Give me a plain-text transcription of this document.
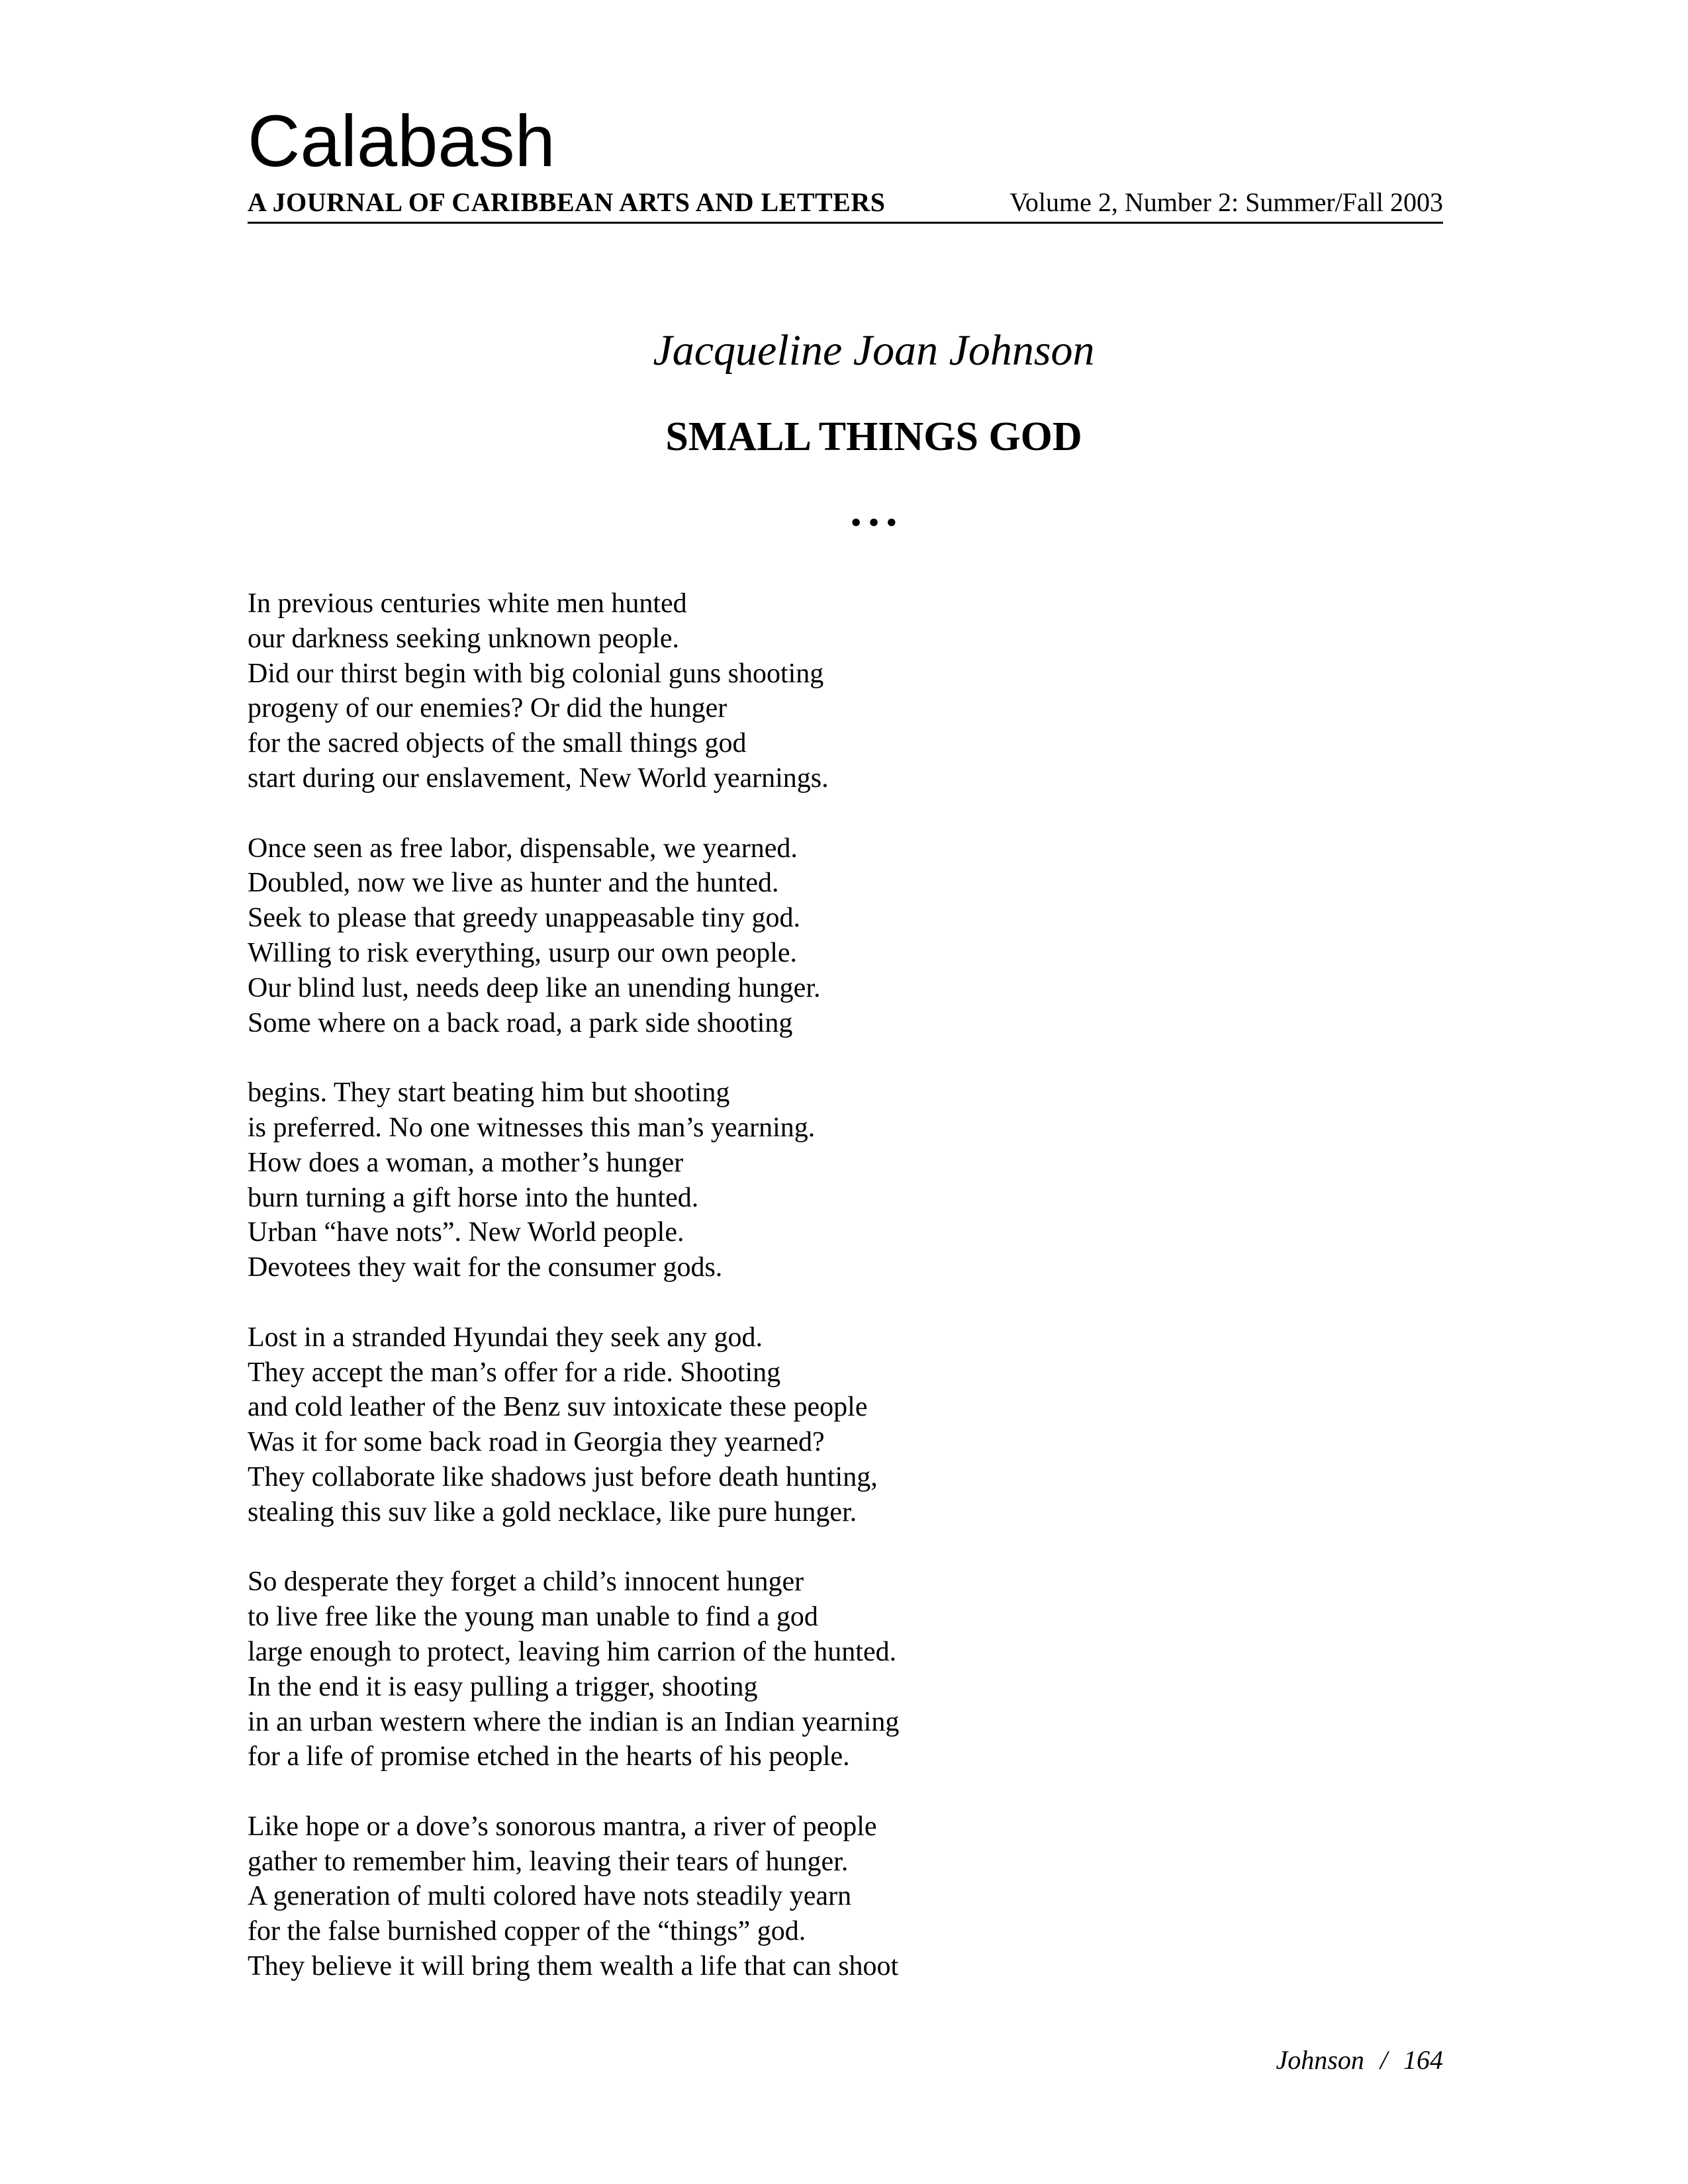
Calabash
A JOURNAL OF CARIBBEAN ARTS AND LETTERS	Volume 2, Number 2: Summer/Fall 2003
Jacqueline Joan Johnson
SMALL THINGS GOD
•••
In previous centuries white men hunted
our darkness seeking unknown people.
Did our thirst begin with big colonial guns shooting
progeny of our enemies? Or did the hunger
for the sacred objects of the small things god
start during our enslavement, New World yearnings.
Once seen as free labor, dispensable, we yearned.
Doubled, now we live as hunter and the hunted.
Seek to please that greedy unappeasable tiny god.
Willing to risk everything, usurp our own people.
Our blind lust, needs deep like an unending hunger.
Some where on a back road, a park side shooting
begins. They start beating him but shooting
is preferred. No one witnesses this man’s yearning.
How does a woman, a mother’s hunger
burn turning a gift horse into the hunted.
Urban “have nots”. New World people.
Devotees they wait for the consumer gods.
Lost in a stranded Hyundai they seek any god.
They accept the man’s offer for a ride. Shooting
and cold leather of the Benz suv intoxicate these people
Was it for some back road in Georgia they yearned?
They collaborate like shadows just before death hunting,
stealing this suv like a gold necklace, like pure hunger.
So desperate they forget a child’s innocent hunger
to live free like the young man unable to find a god
large enough to protect, leaving him carrion of the hunted.
In the end it is easy pulling a trigger, shooting
in an urban western where the indian is an Indian yearning
for a life of promise etched in the hearts of his people.
Like hope or a dove’s sonorous mantra, a river of people
gather to remember him, leaving their tears of hunger.
A generation of multi colored have nots steadily yearn
for the false burnished copper of the “things” god.
They believe it will bring them wealth a life that can shoot
Johnson / 164
